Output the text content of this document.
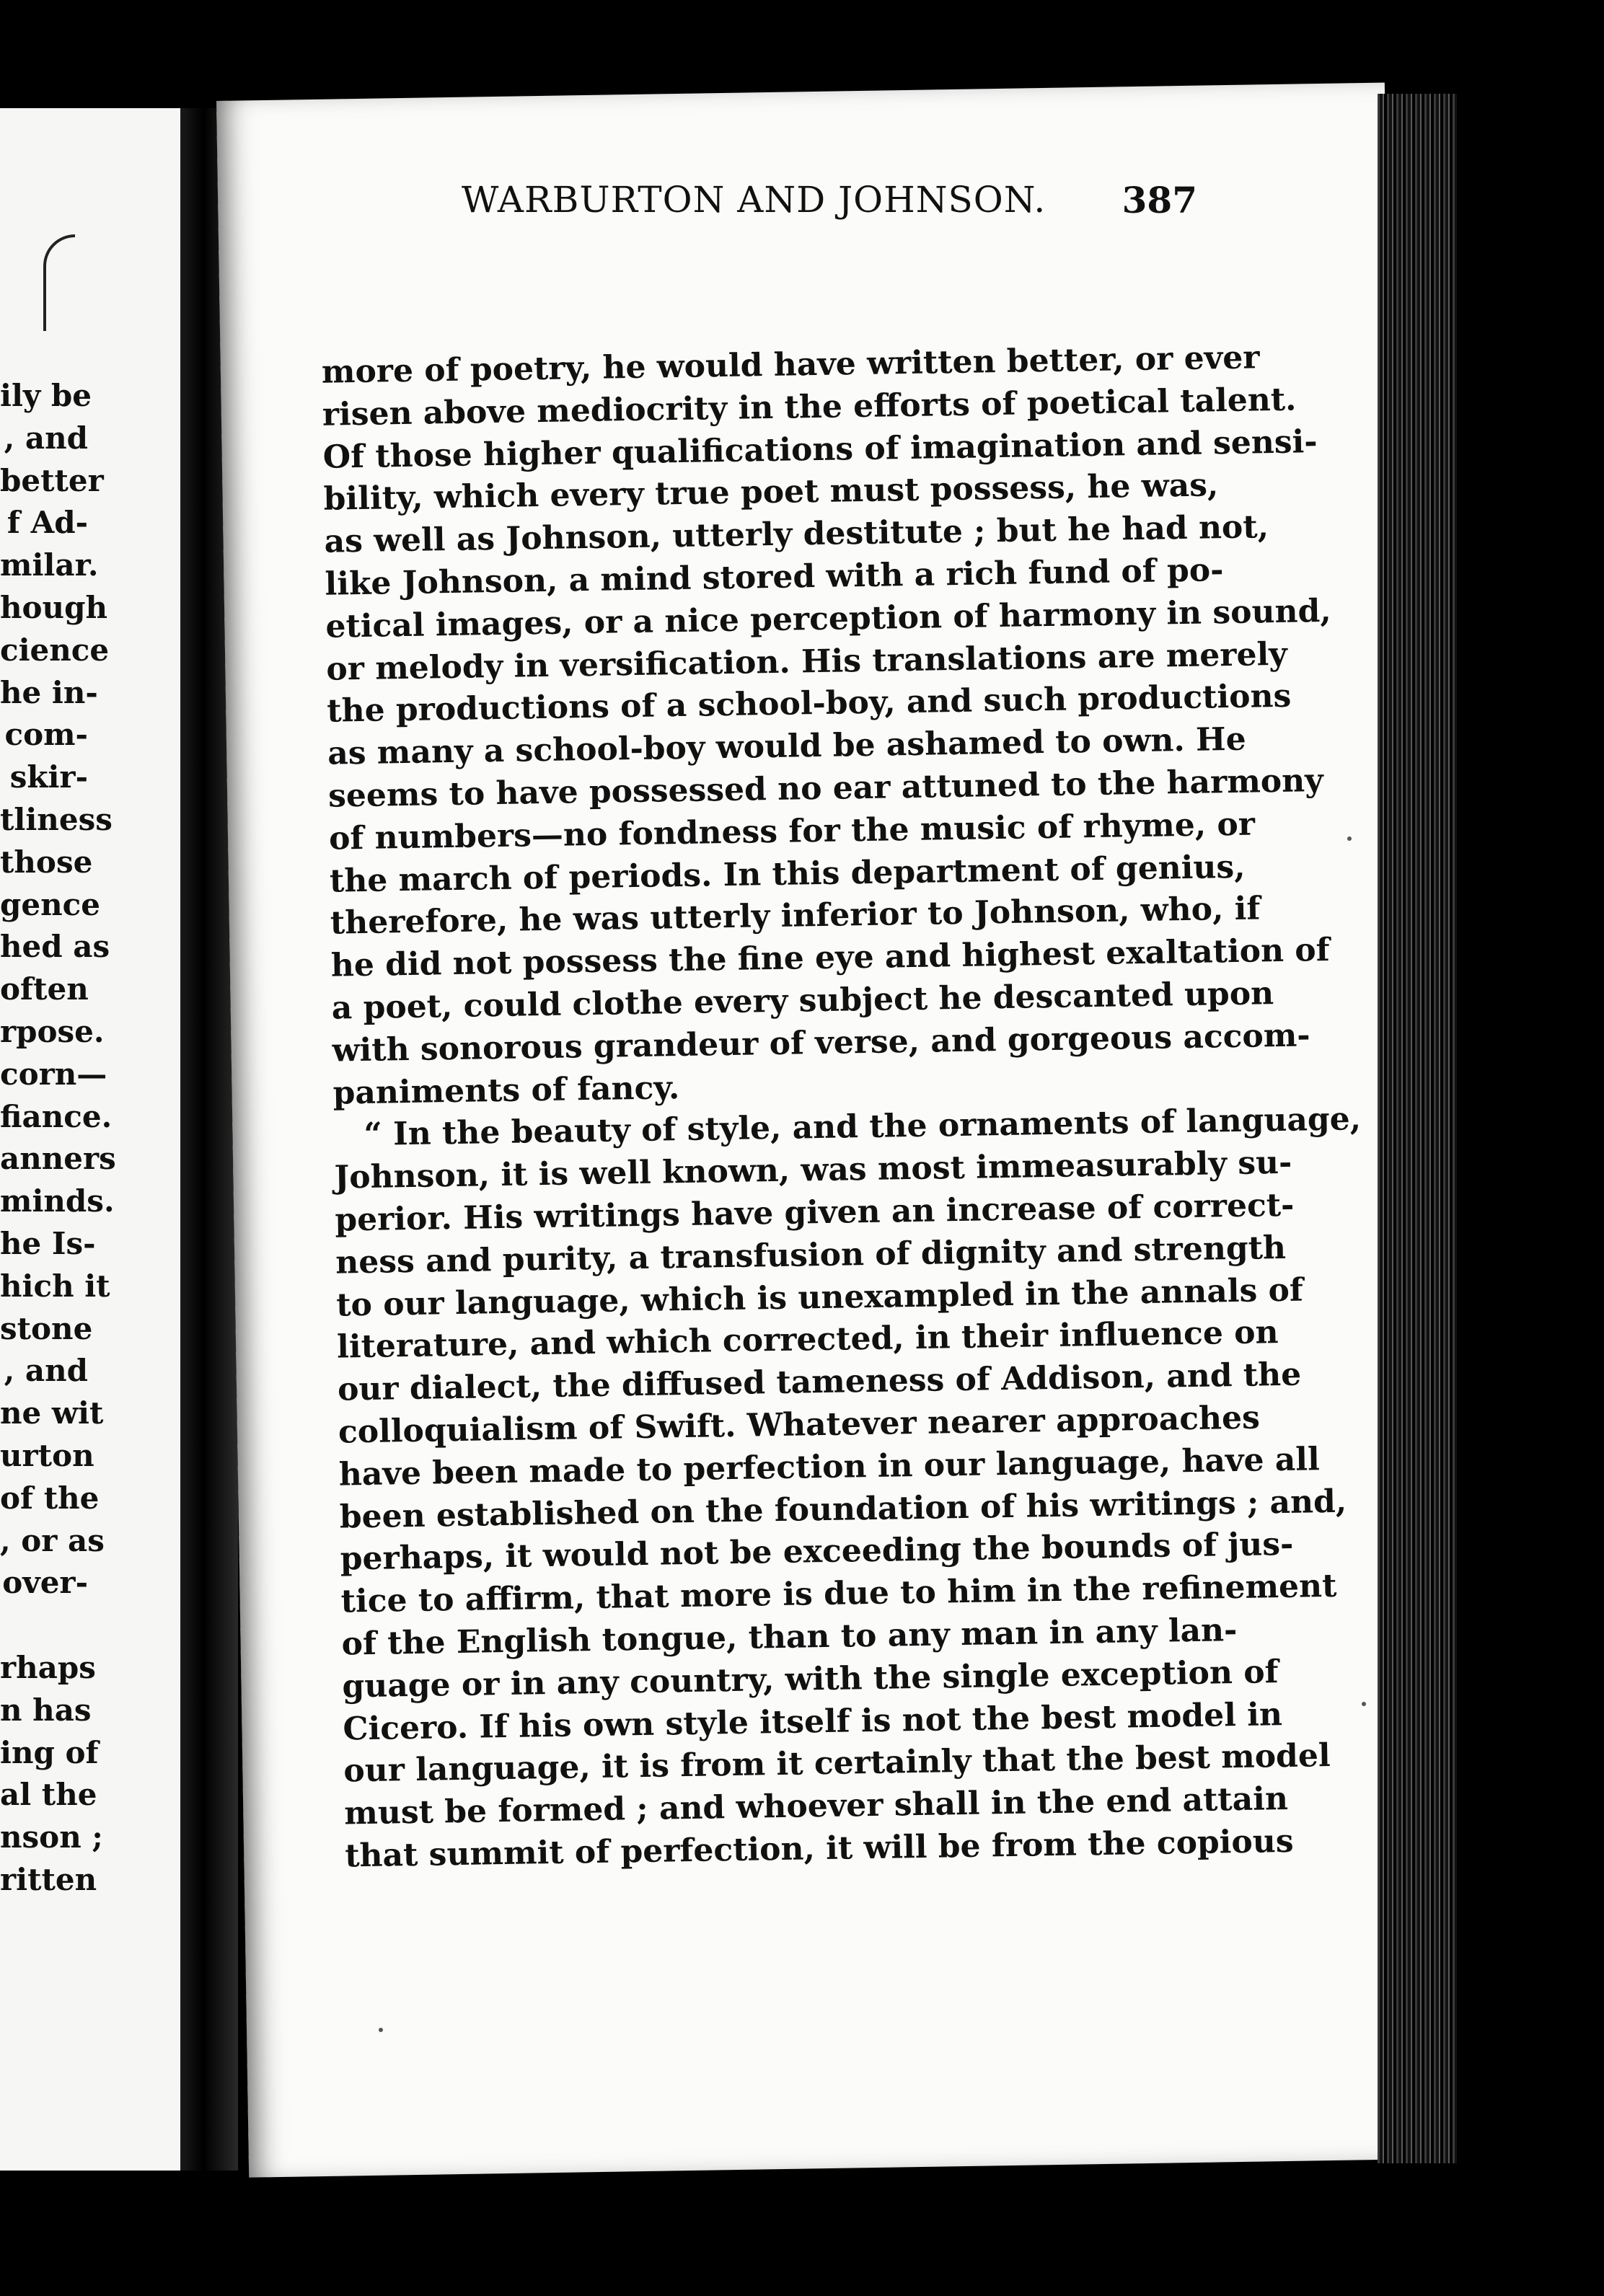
ily be
, and
better
f Ad-
milar.
hough
cience
he in-
com-
skir-
tliness
those
gence
hed as
often
rpose.
corn—
fiance.
anners
minds.
he Is-
hich it
stone
, and
ne wit
urton
of the
, or as
over-
rhaps
n has
ing of
al the
nson ;
ritten
more of poetry, he would have written better, or ever
risen above mediocrity in the efforts of poetical talent.
Of those higher qualifications of imagination and sensi-
bility, which every true poet must possess, he was,
as well as Johnson, utterly destitute ; but he had not,
like Johnson, a mind stored with a rich fund of po-
etical images, or a nice perception of harmony in sound,
or melody in versification. His translations are merely
the productions of a school-boy, and such productions
as many a school-boy would be ashamed to own. He
seems to have possessed no ear attuned to the harmony
of numbers—no fondness for the music of rhyme, or
the march of periods. In this department of genius,
therefore, he was utterly inferior to Johnson, who, if
he did not possess the fine eye and highest exaltation of
a poet, could clothe every subject he descanted upon
with sonorous grandeur of verse, and gorgeous accom-
paniments of fancy.
“ In the beauty of style, and the ornaments of language,
Johnson, it is well known, was most immeasurably su-
perior. His writings have given an increase of correct-
ness and purity, a transfusion of dignity and strength
to our language, which is unexampled in the annals of
literature, and which corrected, in their influence on
our dialect, the diffused tameness of Addison, and the
colloquialism of Swift. Whatever nearer approaches
have been made to perfection in our language, have all
been established on the foundation of his writings ; and,
perhaps, it would not be exceeding the bounds of jus-
tice to affirm, that more is due to him in the refinement
of the English tongue, than to any man in any lan-
guage or in any country, with the single exception of
Cicero. If his own style itself is not the best model in
our language, it is from it certainly that the best model
must be formed ; and whoever shall in the end attain
that summit of perfection, it will be from the copious
WARBURTON AND JOHNSON. 387
